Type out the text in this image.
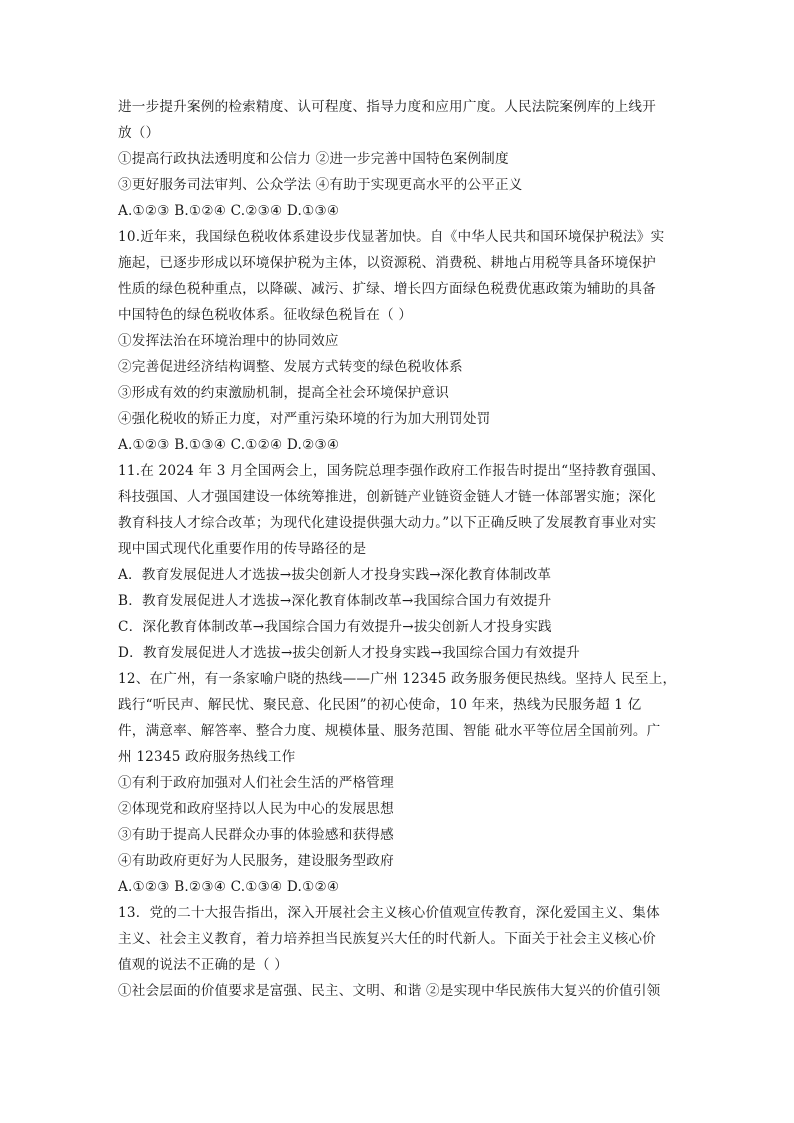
进一步提升案例的检索精度、认可程度、指导力度和应用广度。人民法院案例库的上线开
放（）
①提高行政执法透明度和公信力 ②进一步完善中国特色案例制度
③更好服务司法审判、公众学法 ④有助于实现更高水平的公平正义
A.①②③ B.①②④ C.②③④ D.①③④
10.近年来，我国绿色税收体系建设步伐显著加快。自《中华人民共和国环境保护税法》实
施起，已逐步形成以环境保护税为主体，以资源税、消费税、耕地占用税等具备环境保护
性质的绿色税种重点，以降碳、减污、扩绿、增长四方面绿色税费优惠政策为辅助的具备
中国特色的绿色税收体系。征收绿色税旨在（ ）
①发挥法治在环境治理中的协同效应
②完善促进经济结构调整、发展方式转变的绿色税收体系
③形成有效的约束激励机制，提高全社会环境保护意识
④强化税收的矫正力度，对严重污染环境的行为加大刑罚处罚
A.①②③ B.①③④ C.①②④ D.②③④
11.在 2024 年 3 月全国两会上，国务院总理李强作政府工作报告时提出“坚持教育强国、
科技强国、人才强国建设一体统筹推进，创新链产业链资金链人才链一体部署实施；深化
教育科技人才综合改革；为现代化建设提供强大动力。”以下正确反映了发展教育事业对实
现中国式现代化重要作用的传导路径的是
A．教育发展促进人才选拔→拔尖创新人才投身实践→深化教育体制改革
B．教育发展促进人才选拔→深化教育体制改革→我国综合国力有效提升
C．深化教育体制改革→我国综合国力有效提升→拔尖创新人才投身实践
D．教育发展促进人才选拔→拔尖创新人才投身实践→我国综合国力有效提升
12、在广州，有一条家喻户晓的热线——广州 12345 政务服务便民热线。坚持人 民至上，
践行“听民声、解民忧、聚民意、化民困”的初心使命，10 年来，热线为民服务超 1 亿
件，满意率、解答率、整合力度、规模体量、服务范围、智能 砒水平等位居全国前列。广
州 12345 政府服务热线工作
①有利于政府加强对人们社会生活的严格管理
②体现党和政府坚持以人民为中心的发展思想
③有助于提高人民群众办事的体验感和获得感
④有助政府更好为人民服务，建设服务型政府
A.①②③ B.②③④ C.①③④ D.①②④
13．党的二十大报告指出，深入开展社会主义核心价值观宣传教育，深化爱国主义、集体
主义、社会主义教育，着力培养担当民族复兴大任的时代新人。下面关于社会主义核心价
值观的说法不正确的是（ ）
①社会层面的价值要求是富强、民主、文明、和谐 ②是实现中华民族伟大复兴的价值引领
